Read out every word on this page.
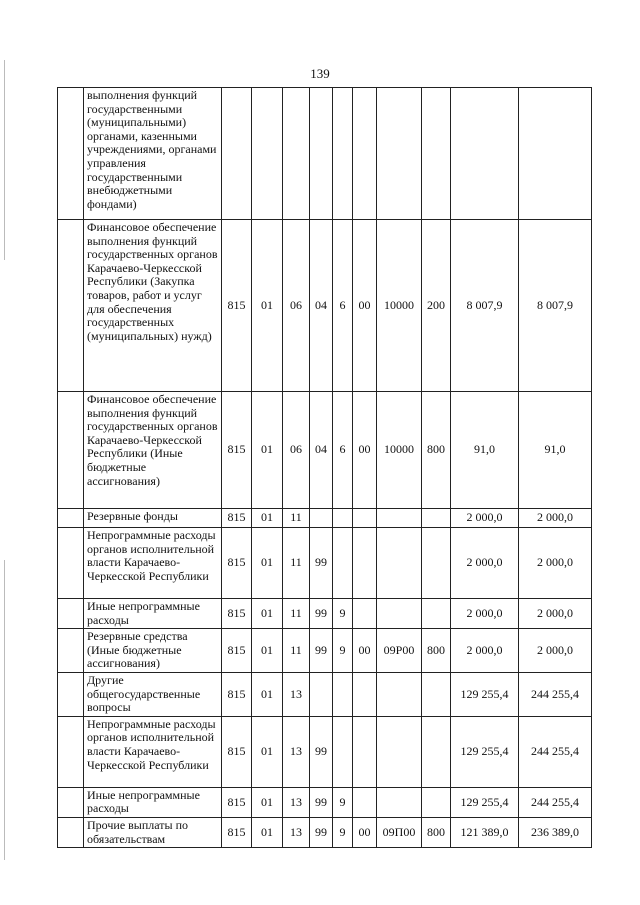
139
	выполнения функций государственными (муниципальными) органами, казенными учреждениями, органами управления государственными внебюджетными фондами)										
	Финансовое обеспечение выполнения функций государственных органов Карачаево-Черкесской Республики (Закупка товаров, работ и услуг для обеспечения государственных (муниципальных) нужд)	815	01	06	04	6	00	10000	200	8 007,9	8 007,9
	Финансовое обеспечение выполнения функций государственных органов Карачаево-Черкесской Республики (Иные бюджетные ассигнования)	815	01	06	04	6	00	10000	800	91,0	91,0
	Резервные фонды	815	01	11						2 000,0	2 000,0
	Непрограммные расходы органов исполнительной власти Карачаево-Черкесской Республики	815	01	11	99					2 000,0	2 000,0
	Иные непрограммные расходы	815	01	11	99	9				2 000,0	2 000,0
	Резервные средства (Иные бюджетные ассигнования)	815	01	11	99	9	00	09Р00	800	2 000,0	2 000,0
	Другие общегосударственные вопросы	815	01	13						129 255,4	244 255,4
	Непрограммные расходы органов исполнительной власти Карачаево-Черкесской Республики	815	01	13	99					129 255,4	244 255,4
	Иные непрограммные расходы	815	01	13	99	9				129 255,4	244 255,4
	Прочие выплаты по обязательствам	815	01	13	99	9	00	09П00	800	121 389,0	236 389,0
